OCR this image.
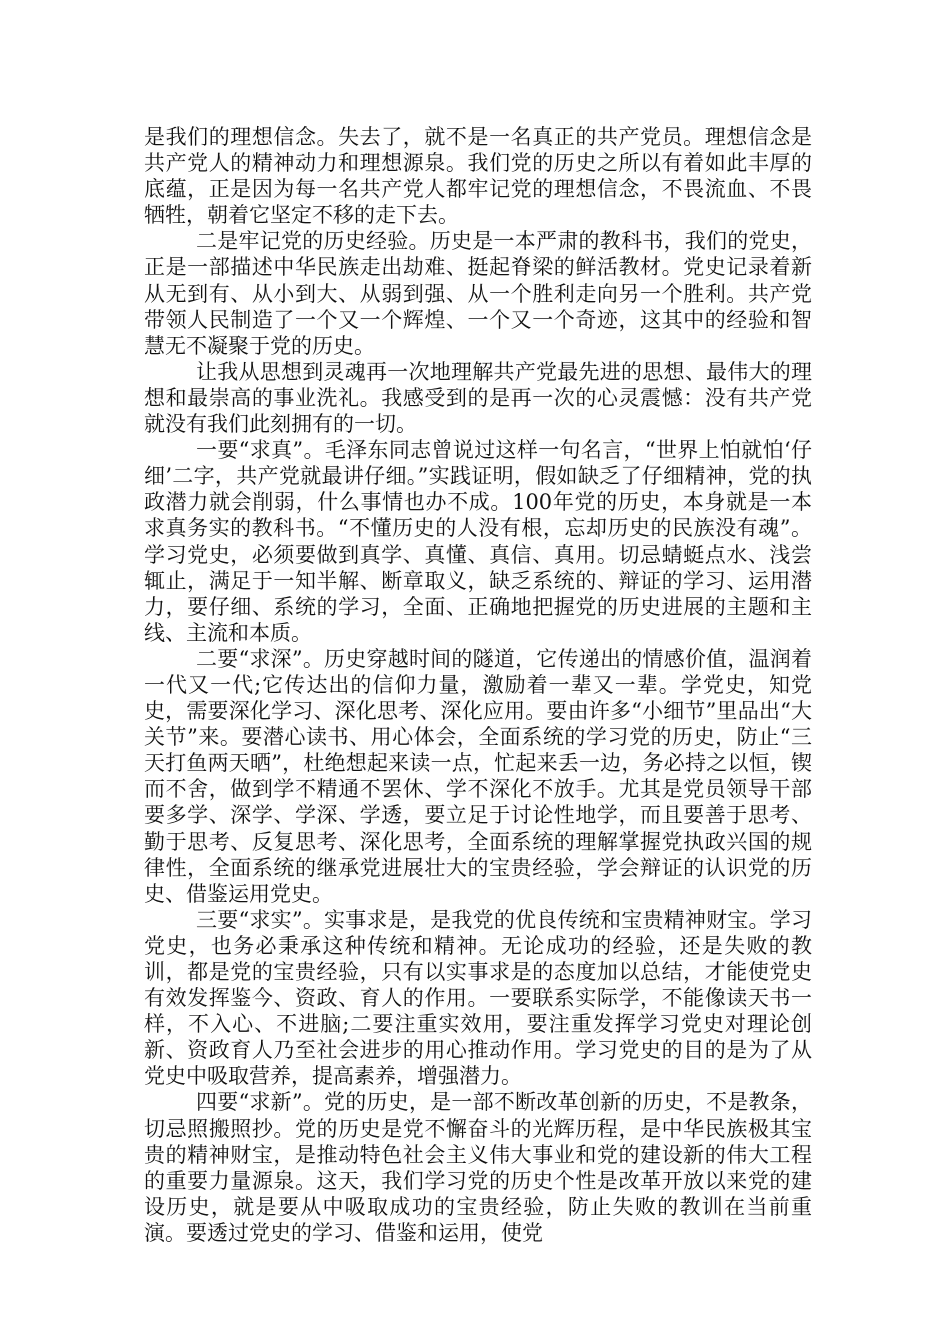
是我们的理想信念。失去了，就不是一名真正的共产党员。理想信念是共产党人的精神动力和理想源泉。我们党的历史之所以有着如此丰厚的底蕴，正是因为每一名共产党人都牢记党的理想信念，不畏流血、不畏牺牲，朝着它坚定不移的走下去。

二是牢记党的历史经验。历史是一本严肃的教科书，我们的党史，正是一部描述中华民族走出劫难、挺起脊梁的鲜活教材。党史记录着新从无到有、从小到大、从弱到强、从一个胜利走向另一个胜利。共产党带领人民制造了一个又一个辉煌、一个又一个奇迹，这其中的经验和智慧无不凝聚于党的历史。

让我从思想到灵魂再一次地理解共产党最先进的思想、最伟大的理想和最崇高的事业洗礼。我感受到的是再一次的心灵震憾：没有共产党就没有我们此刻拥有的一切。

一要“求真”。毛泽东同志曾说过这样一句名言，“世界上怕就怕‘仔细’二字，共产党就最讲仔细。”实践证明，假如缺乏了仔细精神，党的执政潜力就会削弱，什么事情也办不成。100年党的历史，本身就是一本求真务实的教科书。“不懂历史的人没有根，忘却历史的民族没有魂”。学习党史，必须要做到真学、真懂、真信、真用。切忌蜻蜓点水、浅尝辄止，满足于一知半解、断章取义，缺乏系统的、辩证的学习、运用潜力，要仔细、系统的学习，全面、正确地把握党的历史进展的主题和主线、主流和本质。

二要“求深”。历史穿越时间的隧道，它传递出的情感价值，温润着一代又一代;它传达出的信仰力量，激励着一辈又一辈。学党史，知党史，需要深化学习、深化思考、深化应用。要由许多“小细节”里品出“大关节”来。要潜心读书、用心体会，全面系统的学习党的历史，防止“三天打鱼两天晒”，杜绝想起来读一点，忙起来丢一边，务必持之以恒，锲而不舍，做到学不精通不罢休、学不深化不放手。尤其是党员领导干部要多学、深学、学深、学透，要立足于讨论性地学，而且要善于思考、勤于思考、反复思考、深化思考，全面系统的理解掌握党执政兴国的规律性，全面系统的继承党进展壮大的宝贵经验，学会辩证的认识党的历史、借鉴运用党史。

三要“求实”。实事求是，是我党的优良传统和宝贵精神财宝。学习党史，也务必秉承这种传统和精神。无论成功的经验，还是失败的教训，都是党的宝贵经验，只有以实事求是的态度加以总结，才能使党史有效发挥鉴今、资政、育人的作用。一要联系实际学，不能像读天书一样，不入心、不进脑;二要注重实效用，要注重发挥学习党史对理论创新、资政育人乃至社会进步的用心推动作用。学习党史的目的是为了从党史中吸取营养，提高素养，增强潜力。

四要“求新”。党的历史，是一部不断改革创新的历史，不是教条，切忌照搬照抄。党的历史是党不懈奋斗的光辉历程，是中华民族极其宝贵的精神财宝，是推动特色社会主义伟大事业和党的建设新的伟大工程的重要力量源泉。这天，我们学习党的历史个性是改革开放以来党的建设历史，就是要从中吸取成功的宝贵经验，防止失败的教训在当前重演。要透过党史的学习、借鉴和运用，使党
